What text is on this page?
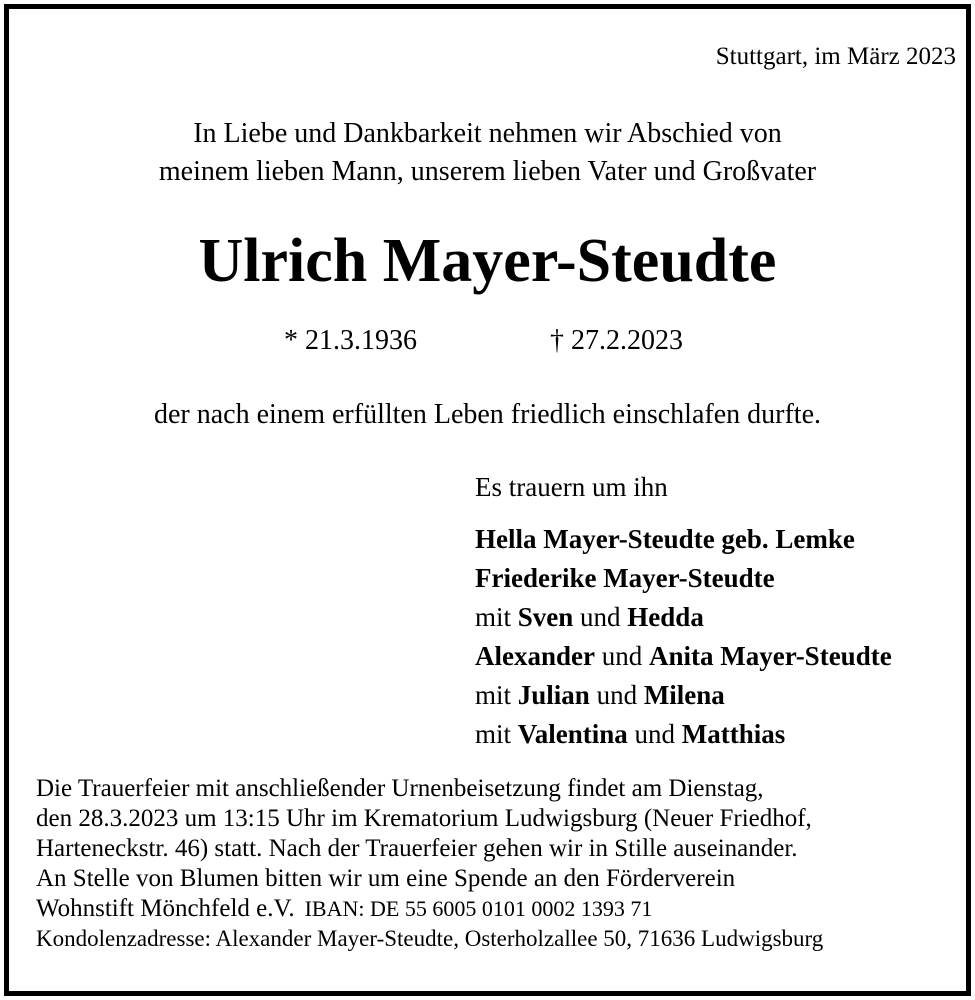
Stuttgart, im März 2023
In Liebe und Dankbarkeit nehmen wir Abschied von
meinem lieben Mann, unserem lieben Vater und Großvater
Ulrich Mayer-Steudte
* 21.3.1936	† 27.2.2023
der nach einem erfüllten Leben friedlich einschlafen durfte.
Es trauern um ihn
Hella Mayer-Steudte geb. Lemke
Friederike Mayer-Steudte
mit Sven und Hedda
Alexander und Anita Mayer-Steudte
mit Julian und Milena
mit Valentina und Matthias
Die Trauerfeier mit anschließender Urnenbeisetzung findet am Dienstag,
den 28.3.2023 um 13:15 Uhr im Krematorium Ludwigsburg (Neuer Friedhof,
Harteneckstr. 46) statt. Nach der Trauerfeier gehen wir in Stille auseinander.
An Stelle von Blumen bitten wir um eine Spende an den Förderverein
Wohnstift Mönchfeld e.V. IBAN: DE 55 6005 0101 0002 1393 71
Kondolenzadresse: Alexander Mayer-Steudte, Osterholzallee 50, 71636 Ludwigsburg
